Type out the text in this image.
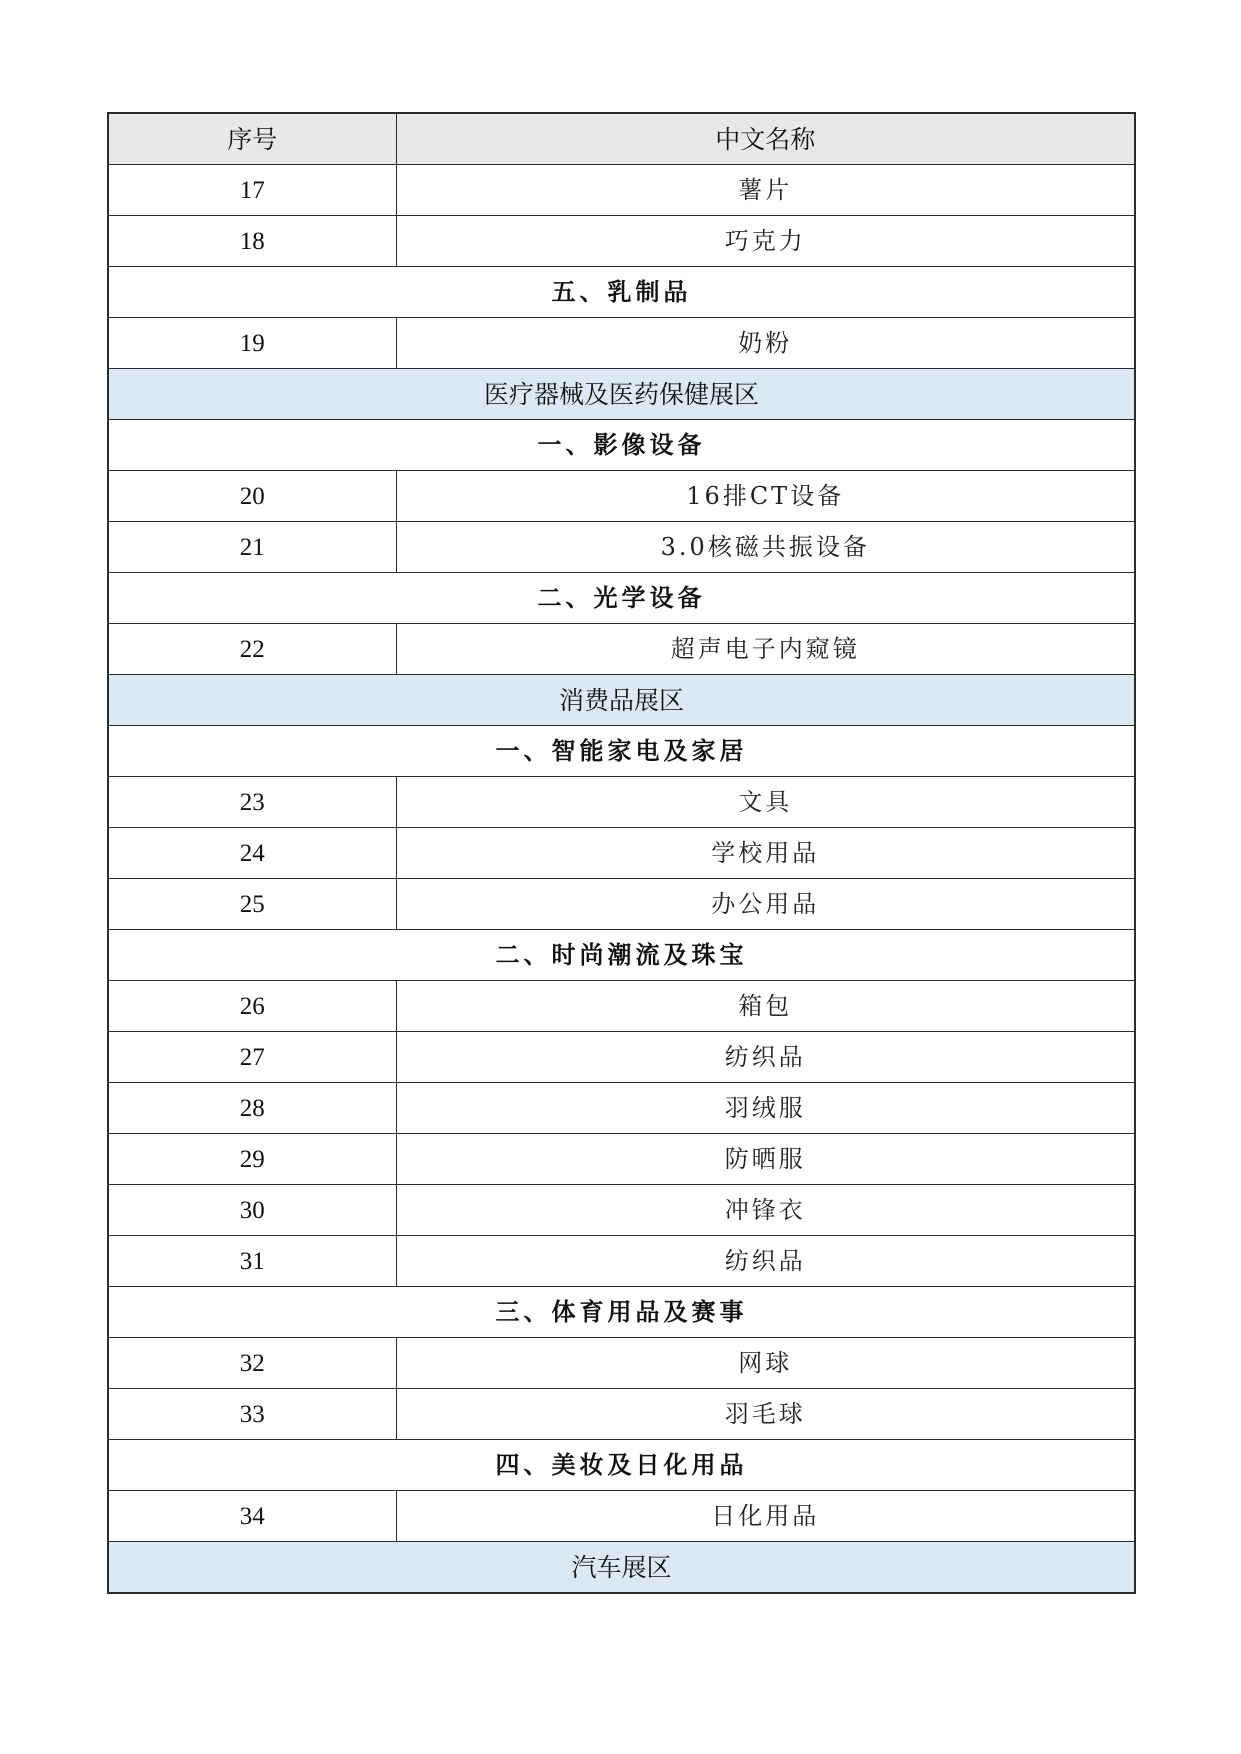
序号	中文名称
17	薯片
18	巧克力
五、乳制品	
19	奶粉
医疗器械及医药保健展区	
一、影像设备	
20	16排CT设备
21	3.0核磁共振设备
二、光学设备	
22	超声电子内窥镜
消费品展区	
一、智能家电及家居	
23	文具
24	学校用品
25	办公用品
二、时尚潮流及珠宝	
26	箱包
27	纺织品
28	羽绒服
29	防晒服
30	冲锋衣
31	纺织品
三、体育用品及赛事	
32	网球
33	羽毛球
四、美妆及日化用品	
34	日化用品
汽车展区	
